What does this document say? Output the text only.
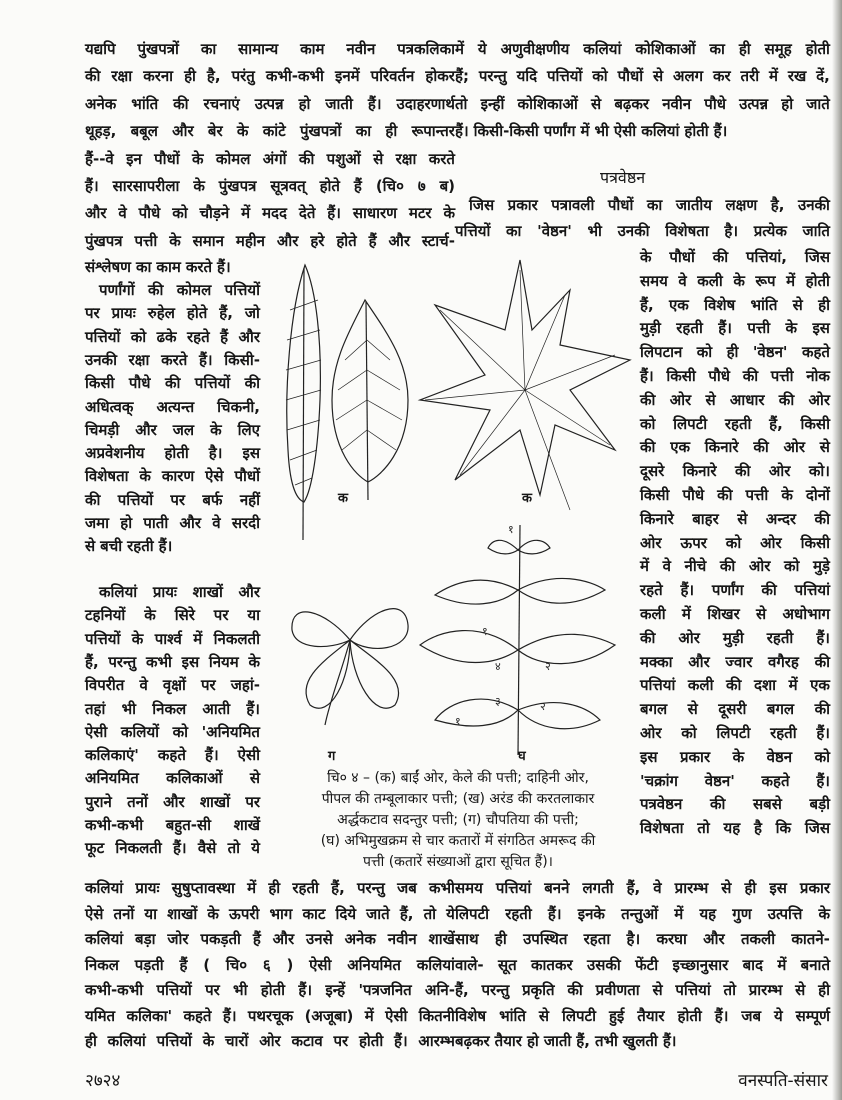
यद्यपि पुंखपत्रों का सामान्य काम नवीन पत्रकलिका
की रक्षा करना ही है, परंतु कभी-कभी इनमें परिवर्तन होकर
अनेक भांति की रचनाएं उत्पन्न हो जाती हैं। उदाहरणार्थ
थूहड़, बबूल और बेर के कांटे पुंखपत्रों का ही रूपान्तर
हैं--वे इन पौधों के कोमल अंगों की पशुओं से रक्षा करते
हैं। सारसापरीला के पुंखपत्र सूत्रवत् होते हैं (चि० ७ ब)
और वे पौधे को चौड़ने में मदद देते हैं। साधारण मटर के
पुंखपत्र पत्ती के समान महीन और हरे होते हैं और स्टार्च-
संश्लेषण का काम करते हैं।
पर्णांगों की कोमल पत्तियों
पर प्रायः रुहेल होते हैं, जो
पत्तियों को ढके रहते हैं और
उनकी रक्षा करते हैं। किसी-
किसी पौधे की पत्तियों की
अधित्वक् अत्यन्त चिकनी,
चिमड़ी और जल के लिए
अप्रवेशनीय होती है। इस
विशेषता के कारण ऐसे पौधों
की पत्तियों पर बर्फ नहीं
जमा हो पाती और वे सरदी
से बची रहती हैं।
कलियां प्रायः शाखों और
टहनियों के सिरे पर या
पत्तियों के पार्श्व में निकलती
हैं, परन्तु कभी इस नियम के
विपरीत वे वृक्षों पर जहां-
तहां भी निकल आती हैं।
ऐसी कलियों को 'अनियमित
कलिकाएं' कहते हैं। ऐसी
अनियमित कलिकाओं से
पुराने तनों और शाखों पर
कभी-कभी बहुत-सी शाखें
फूट निकलती हैं। वैसे तो ये
में ये अणुवीक्षणीय कलियां कोशिकाओं का ही समूह होती
हैं; परन्तु यदि पत्तियों को पौधों से अलग कर तरी में रख दें,
तो इन्हीं कोशिकाओं से बढ़कर नवीन पौधे उत्पन्न हो जाते
हैं। किसी-किसी पर्णांग में भी ऐसी कलियां होती हैं।
जिस प्रकार पत्रावली पौधों का जातीय लक्षण है, उनकी
पत्तियों का 'वेष्ठन' भी उनकी विशेषता है। प्रत्येक जाति
के पौधों की पत्तियां, जिस
समय वे कली के रूप में होती
हैं, एक विशेष भांति से ही
मुड़ी रहती हैं। पत्ती के इस
लिपटान को ही 'वेष्ठन' कहते
हैं। किसी पौधे की पत्ती नोक
की ओर से आधार की ओर
को लिपटी रहती हैं, किसी
की एक किनारे की ओर से
दूसरे किनारे की ओर को।
किसी पौधे की पत्ती के दोनों
किनारे बाहर से अन्दर की
ओर ऊपर को ओर किसी
में वे नीचे की ओर को मुड़े
रहते हैं। पर्णांग की पत्तियां
कली में शिखर से अधोभाग
की ओर मुड़ी रहती हैं।
मक्का और ज्वार वगैरह की
पत्तियां कली की दशा में एक
बगल से दूसरी बगल की
ओर को लिपटी रहती हैं।
इस प्रकार के वेष्ठन को
'चक्रांग वेष्ठन' कहते हैं।
पत्रवेष्ठन की सबसे बड़ी
विशेषता तो यह है कि जिस
कलियां प्रायः सुषुप्तावस्था में ही रहती हैं, परन्तु जब कभी
ऐसे तनों या शाखों के ऊपरी भाग काट दिये जाते हैं, तो ये
कलियां बड़ा जोर पकड़ती हैं और उनसे अनेक नवीन शाखें
निकल पड़ती हैं ( चि० ६ ) ऐसी अनियमित कलियां
कभी-कभी पत्तियों पर भी होती हैं। इन्हें 'पत्रजनित अनि-
यमित कलिका' कहते हैं। पथरचूक (अजूबा) में ऐसी कितनी
ही कलियां पत्तियों के चारों ओर कटाव पर होती हैं। आरम्भ
समय पत्तियां बनने लगती हैं, वे प्रारम्भ से ही इस प्रकार
लिपटी रहती हैं। इनके तन्तुओं में यह गुण उत्पत्ति के
साथ ही उपस्थित रहता है। करघा और तकली कातने-
वाले- सूत कातकर उसकी फेंटी इच्छानुसार बाद में बनाते
हैं, परन्तु प्रकृति की प्रवीणता से पत्तियां तो प्रारम्भ से ही
विशेष भांति से लिपटी हुई तैयार होती हैं। जब ये सम्पूर्ण
बढ़कर तैयार हो जाती हैं, तभी खुलती हैं।
पत्रवेष्ठन
१
१
४	२
३
१
२
क	क
ग	घ
चि० ४ – (क) बाईं ओर, केले की पत्ती; दाहिनी ओर,
पीपल की तम्बूलाकार पत्ती; (ख) अरंड की करतलाकार
अर्द्धकटाव सदन्तुर पत्ती; (ग) चौपतिया की पत्ती;
(घ) अभिमुखक्रम से चार कतारों में संगठित अमरूद की
पत्ती (कतारें संख्याओं द्वारा सूचित हैं)।
२७२४	वनस्पति-संसार
